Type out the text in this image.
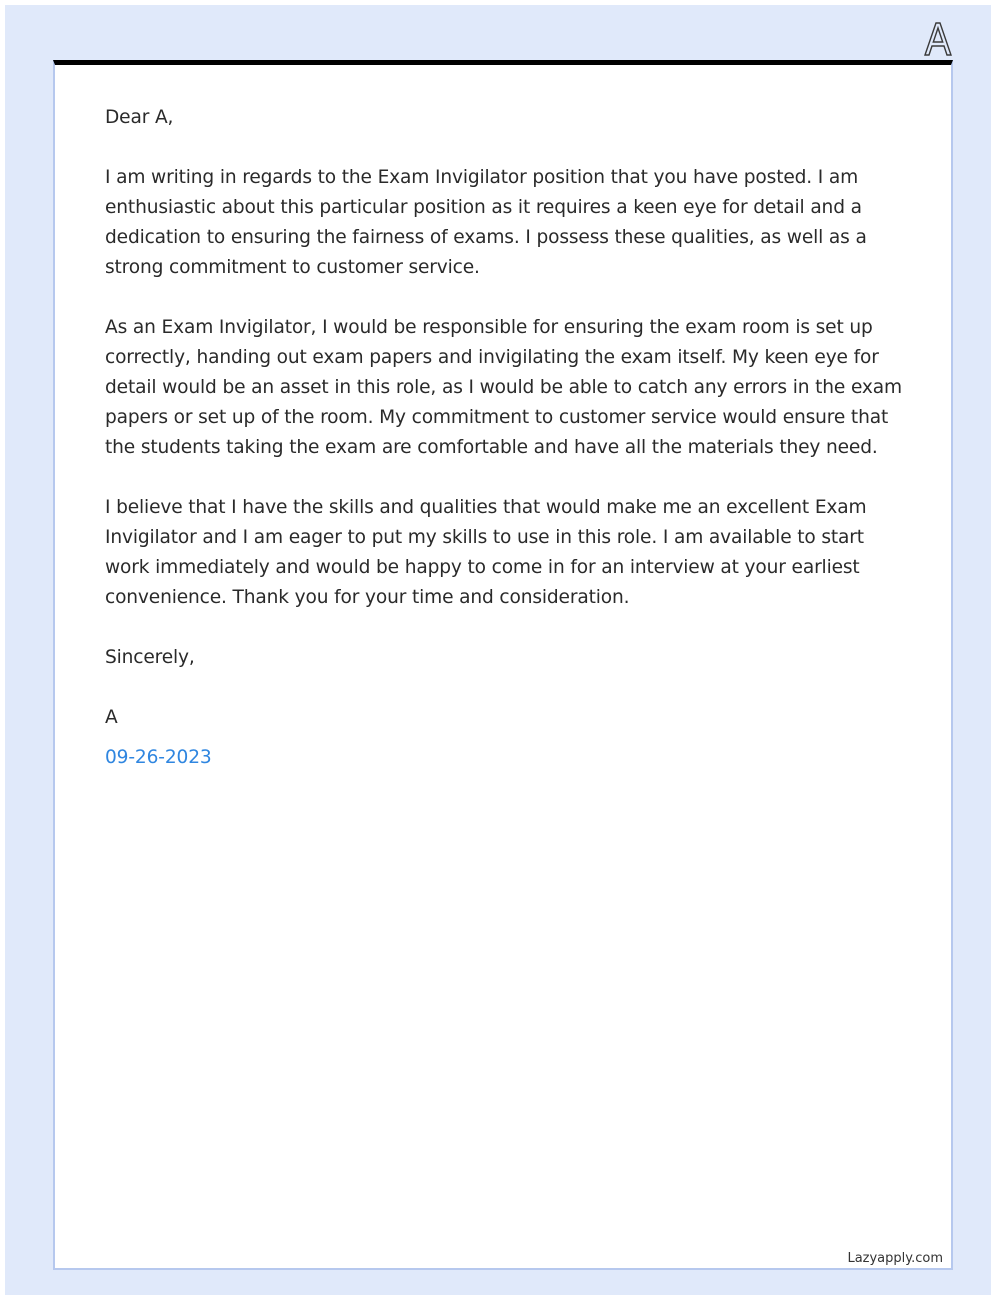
Dear A,

I am writing in regards to the Exam Invigilator position that you have posted. I am enthusiastic about this particular position as it requires a keen eye for detail and a dedication to ensuring the fairness of exams. I possess these qualities, as well as a strong commitment to customer service.

As an Exam Invigilator, I would be responsible for ensuring the exam room is set up correctly, handing out exam papers and invigilating the exam itself. My keen eye for detail would be an asset in this role, as I would be able to catch any errors in the exam papers or set up of the room. My commitment to customer service would ensure that the students taking the exam are comfortable and have all the materials they need.

I believe that I have the skills and qualities that would make me an excellent Exam Invigilator and I am eager to put my skills to use in this role. I am available to start work immediately and would be happy to come in for an interview at your earliest convenience. Thank you for your time and consideration.

Sincerely,

A

09-26-2023

Lazyapply.com
